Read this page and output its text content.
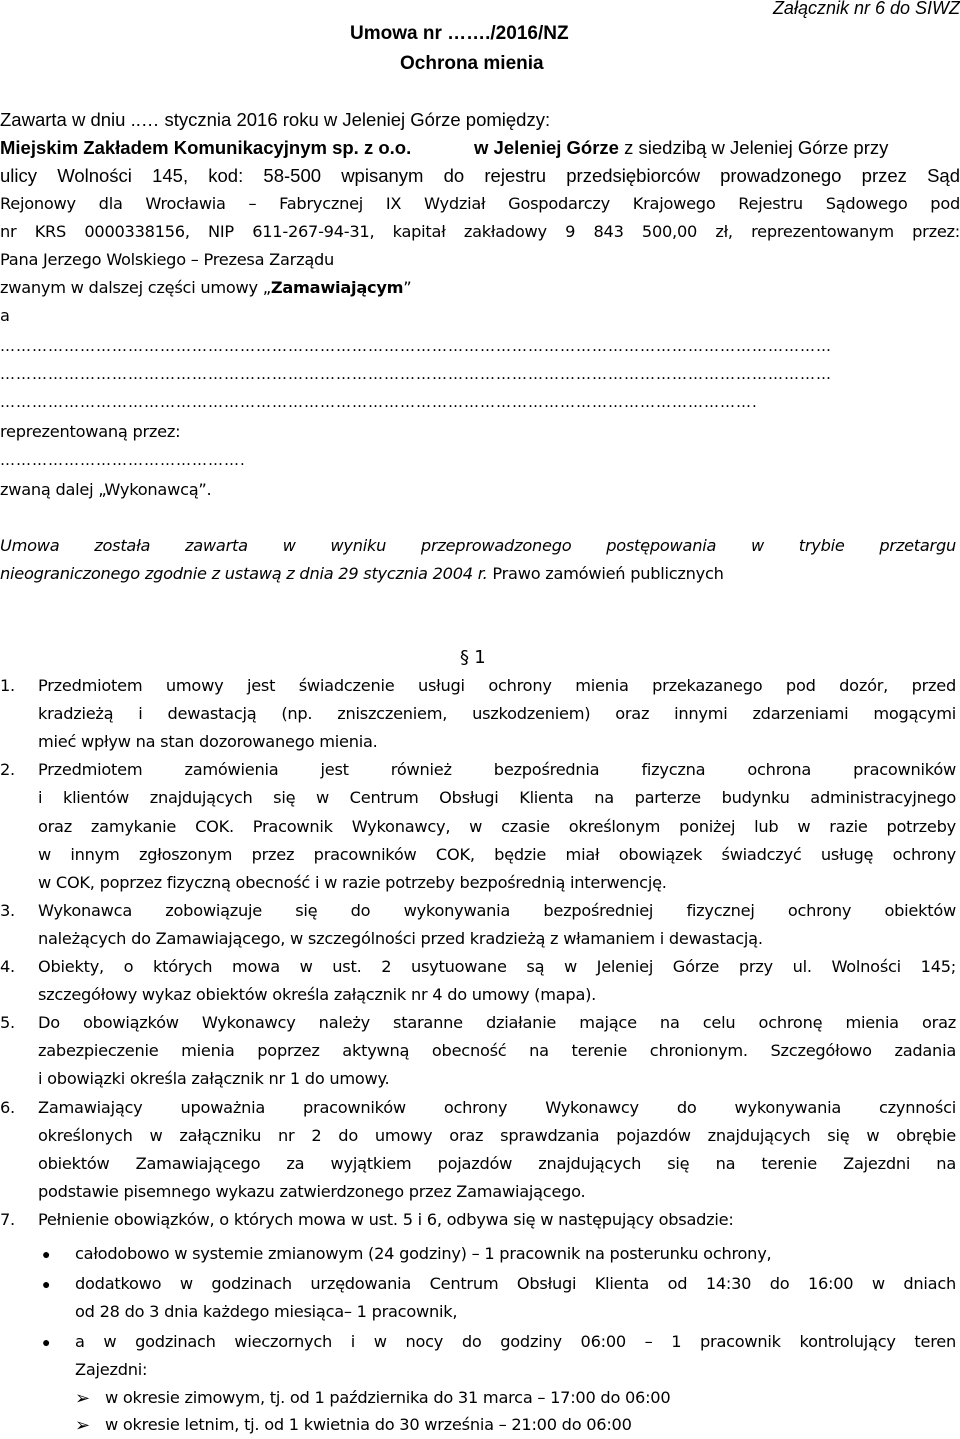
Umowa nr ……./2016/NZ
Ochrona mienia
Załącznik nr 6 do SIWZ
Zawarta w dniu ..… stycznia 2016 roku w Jeleniej Górze pomiędzy:
Miejskim Zakładem Komunikacyjnym sp. z o.o.	w Jeleniej Górze z siedzibą w Jeleniej Górze przy
ulicy Wolności 145, kod: 58-500 wpisanym do rejestru przedsiębiorców prowadzonego przez Sąd
Rejonowy dla Wrocławia – Fabrycznej IX Wydział Gospodarczy Krajowego Rejestru Sądowego pod
nr KRS 0000338156, NIP 611-267-94-31, kapitał zakładowy 9 843 500,00 zł, reprezentowanym przez:
Pana Jerzego Wolskiego – Prezesa Zarządu
zwanym w dalszej części umowy „Zamawiającym”
a
…………………………………………………………………………………………………………………………………………
…………………………………………………………………………………………………………………………………………
…………………………………………………………………………………………………………………………….
reprezentowaną przez:
……………………………………….
zwaną dalej „Wykonawcą”.
Umowa została zawarta w wyniku przeprowadzonego postępowania w trybie przetargu
nieograniczonego zgodnie z ustawą z dnia 29 stycznia 2004 r. Prawo zamówień publicznych
§ 1
1.	Przedmiotem umowy jest świadczenie usługi ochrony mienia przekazanego pod dozór, przed
kradzieżą i dewastacją (np. zniszczeniem, uszkodzeniem) oraz innymi zdarzeniami mogącymi
mieć wpływ na stan dozorowanego mienia.
2.	Przedmiotem zamówienia jest również bezpośrednia fizyczna ochrona pracowników
i klientów znajdujących się w Centrum Obsługi Klienta na parterze budynku administracyjnego
oraz zamykanie COK. Pracownik Wykonawcy, w czasie określonym poniżej lub w razie potrzeby
w innym zgłoszonym przez pracowników COK, będzie miał obowiązek świadczyć usługę ochrony
w COK, poprzez fizyczną obecność i w razie potrzeby bezpośrednią interwencję.
3.	Wykonawca zobowiązuje się do wykonywania bezpośredniej fizycznej ochrony obiektów
należących do Zamawiającego, w szczególności przed kradzieżą z włamaniem i dewastacją.
4.	Obiekty, o których mowa w ust. 2 usytuowane są w Jeleniej Górze przy ul. Wolności 145;
szczegółowy wykaz obiektów określa załącznik nr 4 do umowy (mapa).
5.	Do obowiązków Wykonawcy należy staranne działanie mające na celu ochronę mienia oraz
zabezpieczenie mienia poprzez aktywną obecność na terenie chronionym. Szczegółowo zadania
i obowiązki określa załącznik nr 1 do umowy.
6.	Zamawiający upoważnia pracowników ochrony Wykonawcy do wykonywania czynności
określonych w załączniku nr 2 do umowy oraz sprawdzania pojazdów znajdujących się w obrębie
obiektów Zamawiającego za wyjątkiem pojazdów znajdujących się na terenie Zajezdni na
podstawie pisemnego wykazu zatwierdzonego przez Zamawiającego.
7.	Pełnienie obowiązków, o których mowa w ust. 5 i 6, odbywa się w następujący obsadzie:
● całodobowo w systemie zmianowym (24 godziny) – 1 pracownik na posterunku ochrony,
● dodatkowo w godzinach urzędowania Centrum Obsługi Klienta od 14:30 do 16:00 w dniach
od 28 do 3 dnia każdego miesiąca– 1 pracownik,
● a w godzinach wieczornych i w nocy do godziny 06:00 – 1 pracownik kontrolujący teren
Zajezdni:
➢ w okresie zimowym, tj. od 1 października do 31 marca – 17:00 do 06:00
➢ w okresie letnim, tj. od 1 kwietnia do 30 września – 21:00 do 06:00
